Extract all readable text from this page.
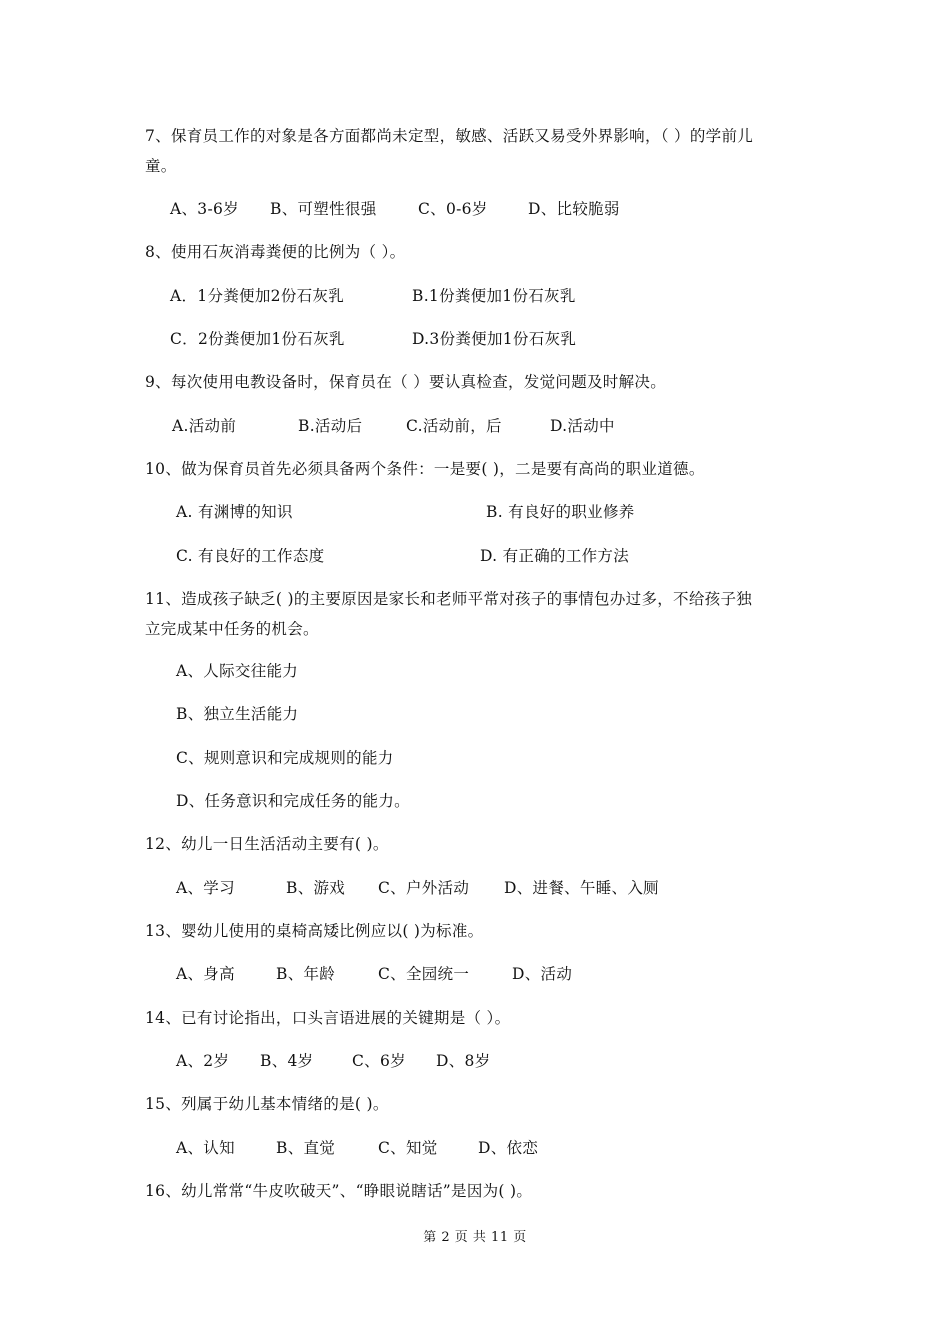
7、保育员工作的对象是各方面都尚未定型，敏感、活跃又易受外界影响，（ ）的学前儿
童。
A、3-6岁 B、可塑性很强	C、0-6岁	D、比较脆弱
8、使用石灰消毒粪便的比例为（ ）。
A．1分粪便加2份石灰乳	B.1份粪便加1份石灰乳
C．2份粪便加1份石灰乳	D.3份粪便加1份石灰乳
9、每次使用电教设备时，保育员在（ ）要认真检查，发觉问题及时解决。
A.活动前	B.活动后	C.活动前，后	D.活动中
10、做为保育员首先必须具备两个条件：一是要( )，二是要有高尚的职业道德。
A. 有渊博的知识	B. 有良好的职业修养
C. 有良好的工作态度	D. 有正确的工作方法
11、造成孩子缺乏( )的主要原因是家长和老师平常对孩子的事情包办过多，不给孩子独
立完成某中任务的机会。
A、人际交往能力
B、独立生活能力
C、规则意识和完成规则的能力
D、任务意识和完成任务的能力。
12、幼儿一日生活活动主要有( )。
A、学习	B、游戏 C、户外活动 D、进餐、午睡、入厕
13、婴幼儿使用的桌椅高矮比例应以( )为标准。
A、身高	B、年龄	C、全园统一	D、活动
14、已有讨论指出，口头言语进展的关键期是（ ）。
A、2岁 B、4岁 C、6岁 D、8岁
15、列属于幼儿基本情绪的是( )。
A、认知	B、直觉	C、知觉	D、依恋
16、幼儿常常“牛皮吹破天”、“睁眼说瞎话”是因为( )。
第 2 页 共 11 页
